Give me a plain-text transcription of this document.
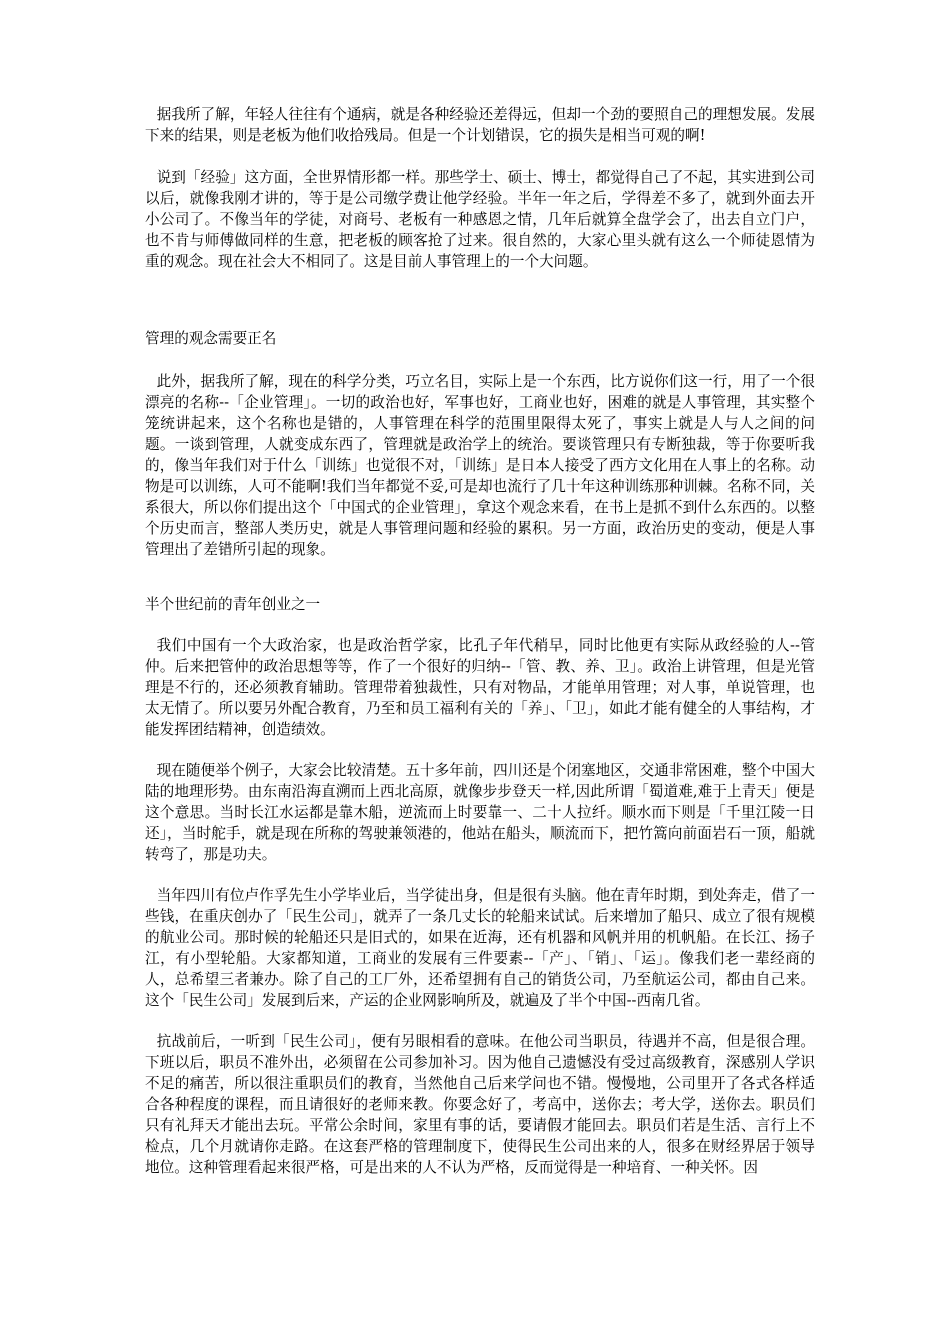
据我所了解，年轻人往往有个通病，就是各种经验还差得远，但却一个劲的要照自己的理想发展。发展下来的结果，则是老板为他们收拾残局。但是一个计划错误，它的损失是相当可观的啊!

说到「经验」这方面，全世界情形都一样。那些学士、硕士、博士，都觉得自己了不起，其实进到公司以后，就像我刚才讲的，等于是公司缴学费让他学经验。半年一年之后，学得差不多了，就到外面去开小公司了。不像当年的学徒，对商号、老板有一种感恩之情，几年后就算全盘学会了，出去自立门户，也不肯与师傅做同样的生意，把老板的顾客抢了过来。很自然的，大家心里头就有这么一个师徒恩情为重的观念。现在社会大不相同了。这是目前人事管理上的一个大问题。

管理的观念需要正名

此外，据我所了解，现在的科学分类，巧立名目，实际上是一个东西，比方说你们这一行，用了一个很漂亮的名称--「企业管理」。一切的政治也好，军事也好，工商业也好，困难的就是人事管理，其实整个笼统讲起来，这个名称也是错的，人事管理在科学的范围里限得太死了，事实上就是人与人之间的问题。一谈到管理，人就变成东西了，管理就是政治学上的统治。要谈管理只有专断独裁，等于你要听我的，像当年我们对于什么「训练」也觉很不对，「训练」是日本人接受了西方文化用在人事上的名称。动物是可以训练，人可不能啊!我们当年都觉不妥,可是却也流行了几十年这种训练那种训棘。名称不同，关系很大，所以你们提出这个「中国式的企业管理」，拿这个观念来看，在书上是抓不到什么东西的。以整个历史而言，整部人类历史，就是人事管理问题和经验的累积。另一方面，政治历史的变动，便是人事管理出了差错所引起的现象。

半个世纪前的青年创业之一

我们中国有一个大政治家，也是政治哲学家，比孔子年代稍早，同时比他更有实际从政经验的人--管仲。后来把管仲的政治思想等等，作了一个很好的归纳--「管、教、养、卫」。政治上讲管理，但是光管理是不行的，还必须教育辅助。管理带着独裁性，只有对物品，才能单用管理；对人事，单说管理，也太无情了。所以要另外配合教育，乃至和员工福利有关的「养」、「卫」，如此才能有健全的人事结构，才能发挥团结精神，创造绩效。

现在随便举个例子，大家会比较清楚。五十多年前，四川还是个闭塞地区，交通非常困难，整个中国大陆的地理形势。由东南沿海直溯而上西北高原，就像步步登天一样,因此所谓「蜀道难,难于上青天」便是这个意思。当时长江水运都是靠木船，逆流而上时要靠一、二十人拉纤。顺水而下则是「千里江陵一日还」，当时舵手，就是现在所称的驾驶兼领港的，他站在船头，顺流而下，把竹篙向前面岩石一顶，船就转弯了，那是功夫。

当年四川有位卢作孚先生小学毕业后，当学徒出身，但是很有头脑。他在青年时期，到处奔走，借了一些钱，在重庆创办了「民生公司」，就弄了一条几丈长的轮船来试试。后来增加了船只、成立了很有规模的航业公司。那时候的轮船还只是旧式的，如果在近海，还有机器和风帆并用的机帆船。在长江、扬子江，有小型轮船。大家都知道，工商业的发展有三件要素--「产」、「销」、「运」。像我们老一辈经商的人，总希望三者兼办。除了自己的工厂外，还希望拥有自己的销货公司，乃至航运公司，都由自己来。这个「民生公司」发展到后来，产运的企业网影响所及，就遍及了半个中国--西南几省。

抗战前后，一听到「民生公司」，便有另眼相看的意味。在他公司当职员，待遇并不高，但是很合理。下班以后，职员不准外出，必须留在公司参加补习。因为他自己遗憾没有受过高级教育，深感别人学识不足的痛苦，所以很注重职员们的教育，当然他自己后来学问也不错。慢慢地，公司里开了各式各样适合各种程度的课程，而且请很好的老师来教。你要念好了，考高中，送你去；考大学，送你去。职员们只有礼拜天才能出去玩。平常公余时间，家里有事的话，要请假才能回去。职员们若是生活、言行上不检点，几个月就请你走路。在这套严格的管理制度下，使得民生公司出来的人，很多在财经界居于领导地位。这种管理看起来很严格，可是出来的人不认为严格，反而觉得是一种培育、一种关怀。因
